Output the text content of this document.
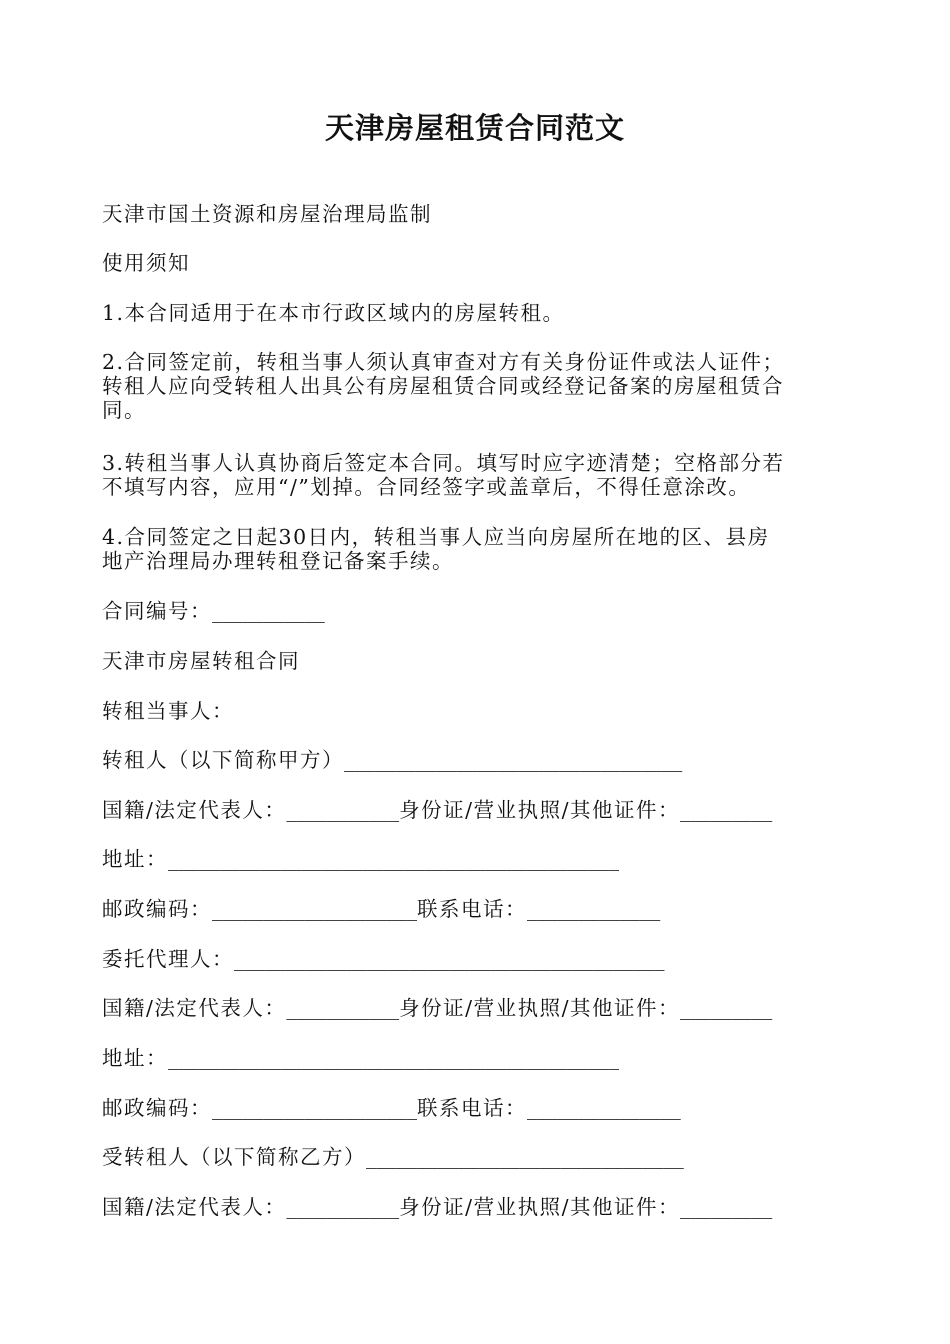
天津房屋租赁合同范文
天津市国土资源和房屋治理局监制
使用须知
1.本合同适用于在本市行政区域内的房屋转租。
2.合同签定前，转租当事人须认真审查对方有关身份证件或法人证件；
转租人应向受转租人出具公有房屋租赁合同或经登记备案的房屋租赁合
同。
3.转租当事人认真协商后签定本合同。填写时应字迹清楚；空格部分若
不填写内容，应用“/”划掉。合同经签字或盖章后，不得任意涂改。
4.合同签定之日起30日内，转租当事人应当向房屋所在地的区、县房
地产治理局办理转租登记备案手续。
合同编号：___________
天津市房屋转租合同
转租当事人：
转租人（以下简称甲方）_________________________________
国籍/法定代表人：___________身份证/营业执照/其他证件：_________
地址：____________________________________________
邮政编码：____________________联系电话：_____________
委托代理人：__________________________________________
国籍/法定代表人：___________身份证/营业执照/其他证件：_________
地址：____________________________________________
邮政编码：____________________联系电话：_______________
受转租人（以下简称乙方）_______________________________
国籍/法定代表人：___________身份证/营业执照/其他证件：_________
